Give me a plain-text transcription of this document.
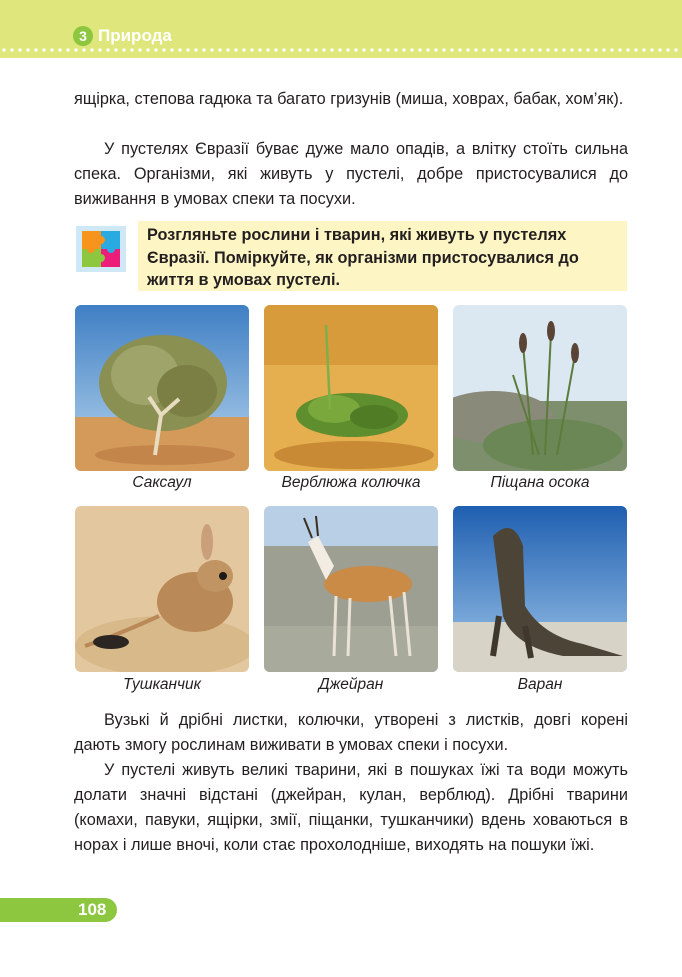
3 Природа

ящірка, степова гадюка та багато гризунів (миша, ховрах, бабак, хом’як).

У пустелях Євразії буває дуже мало опадів, а влітку стоїть сильна спека. Організми, які живуть у пустелі, добре пристосувалися до виживання в умовах спеки та посухи.

Розгляньте рослини і тварин, які живуть у пустелях Євразії. Поміркуйте, як організми пристосувалися до життя в умовах пустелі.

Саксаул	Верблюжа колючка	Піщана осока
Тушканчик	Джейран	Варан

Вузькі й дрібні листки, колючки, утворені з листків, довгі корені дають змогу рослинам виживати в умовах спеки і посухи.

У пустелі живуть великі тварини, які в пошуках їжі та води можуть долати значні відстані (джейран, кулан, верблюд). Дрібні тварини (комахи, павуки, ящірки, змії, піщанки, тушканчики) вдень ховаються в норах і лише вночі, коли стає прохолодніше, виходять на пошуки їжі.

108
